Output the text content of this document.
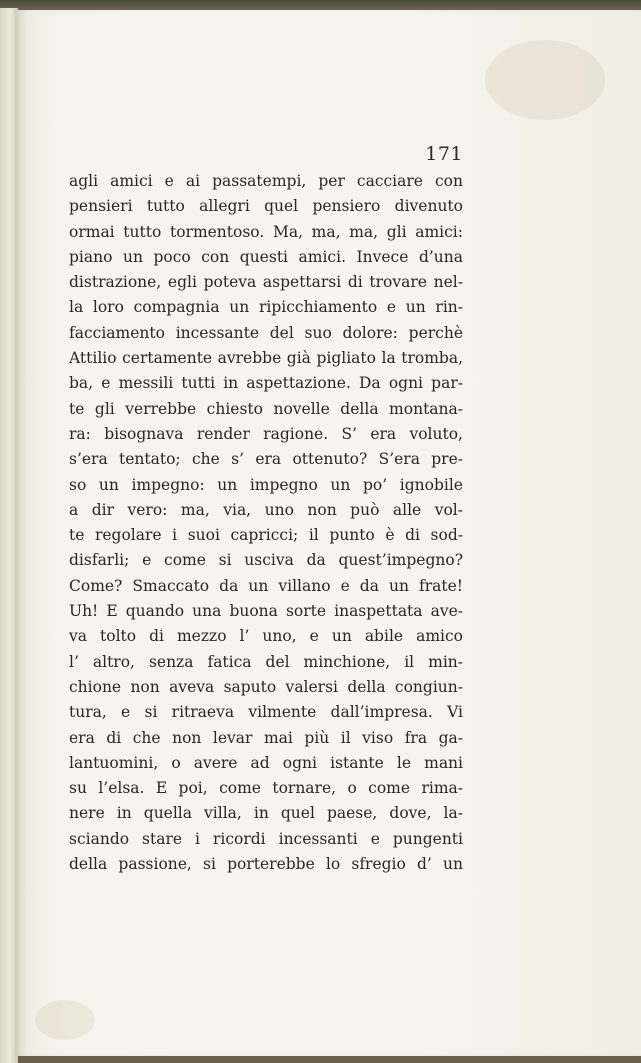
171
agli amici e ai passatempi, per cacciare con
pensieri tutto allegri quel pensiero divenuto
ormai tutto tormentoso. Ma, ma, ma, gli amici:
piano un poco con questi amici. Invece d’una
distrazione, egli poteva aspettarsi di trovare nel-
la loro compagnia un ripicchiamento e un rin-
facciamento incessante del suo dolore: perchè
Attilio certamente avrebbe già pigliato la tromba,
ba, e messili tutti in aspettazione. Da ogni par-
te gli verrebbe chiesto novelle della montana-
ra: bisognava render ragione. S’ era voluto,
s’era tentato; che s’ era ottenuto? S’era pre-
so un impegno: un impegno un po’ ignobile
a dir vero: ma, via, uno non può alle vol-
te regolare i suoi capricci; il punto è di sod-
disfarli; e come si usciva da quest’impegno?
Come? Smaccato da un villano e da un frate!
Uh! E quando una buona sorte inaspettata ave-
va tolto di mezzo l’ uno, e un abile amico
l’ altro, senza fatica del minchione, il min-
chione non aveva saputo valersi della congiun-
tura, e si ritraeva vilmente dall’impresa. Vi
era di che non levar mai più il viso fra ga-
lantuomini, o avere ad ogni istante le mani
su l’elsa. E poi, come tornare, o come rima-
nere in quella villa, in quel paese, dove, la-
sciando stare i ricordi incessanti e pungenti
della passione, si porterebbe lo sfregio d’ un
